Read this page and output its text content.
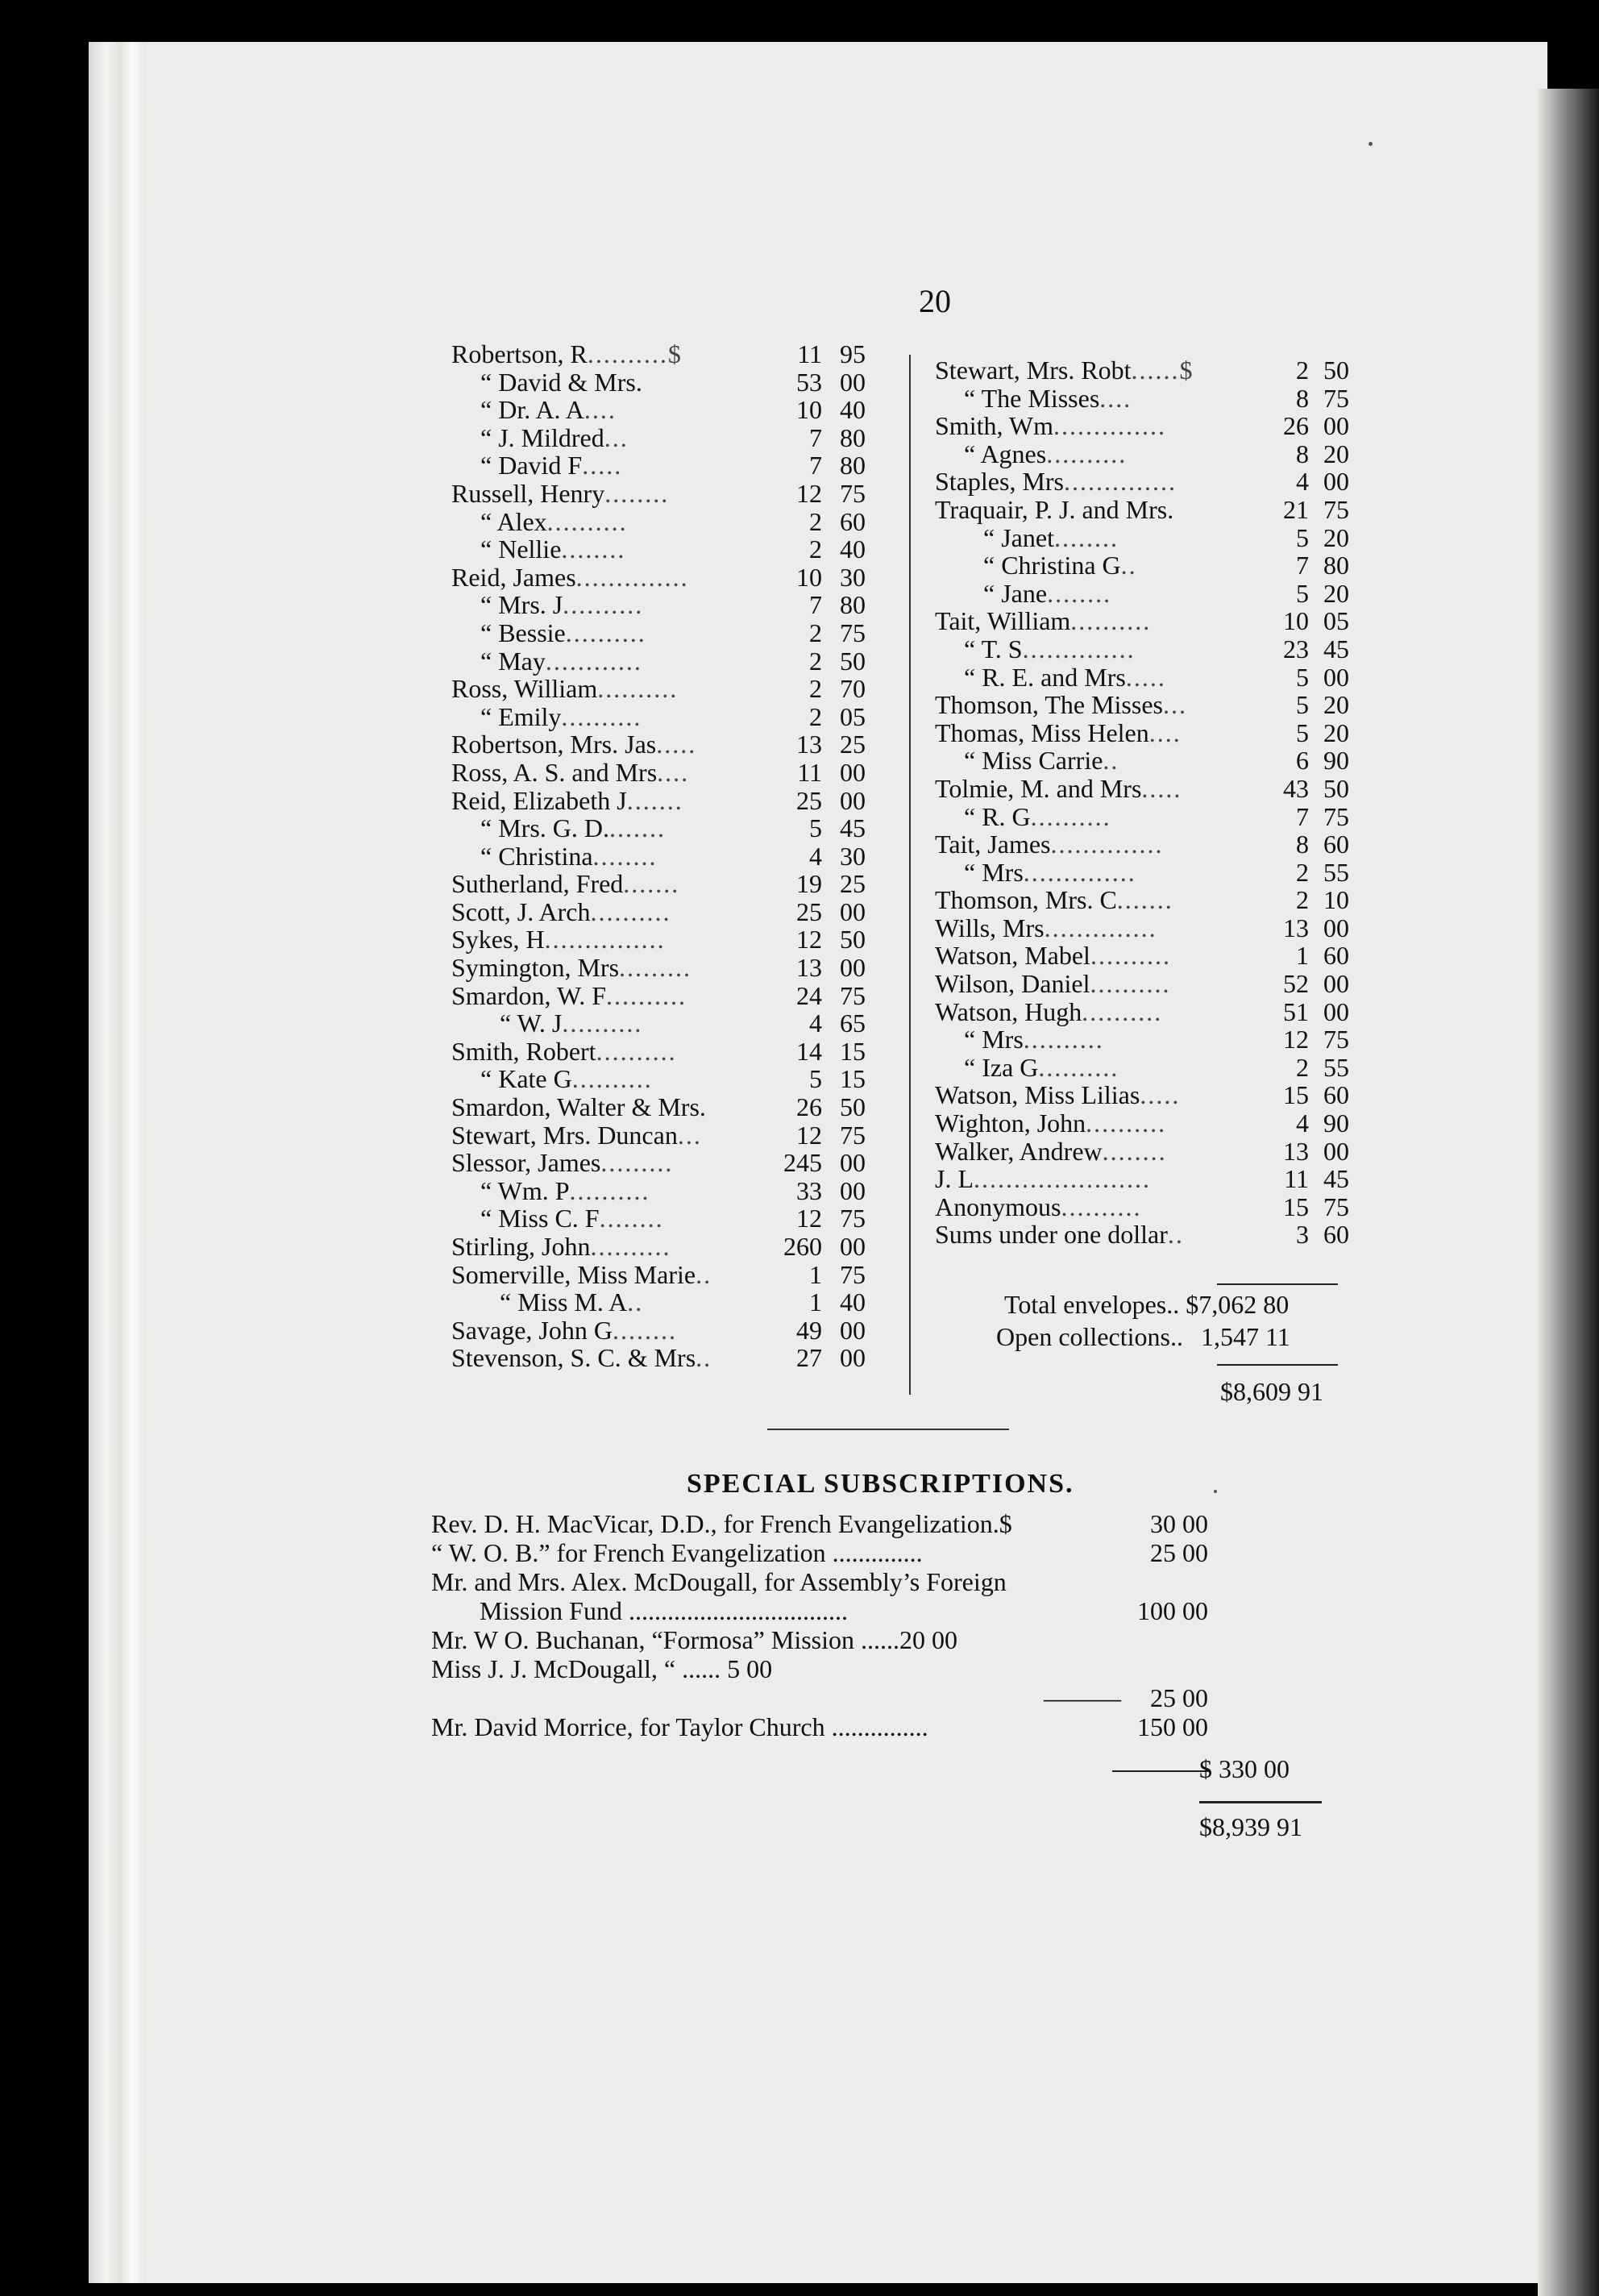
20
Robertson, R..........$	11 95
“ David & Mrs.	53 00
“ Dr. A. A....	10 40
“ J. Mildred...	7 80
“ David F.....	7 80
Russell, Henry........	12 75
“ Alex..........	2 60
“ Nellie........	2 40
Reid, James..............	10 30
“ Mrs. J..........	7 80
“ Bessie..........	2 75
“ May............	2 50
Ross, William..........	2 70
“ Emily..........	2 05
Robertson, Mrs. Jas.....	13 25
Ross, A. S. and Mrs....	11 00
Reid, Elizabeth J.......	25 00
“ Mrs. G. D........	5 45
“ Christina........	4 30
Sutherland, Fred.......	19 25
Scott, J. Arch..........	25 00
Sykes, H...............	12 50
Symington, Mrs.........	13 00
Smardon, W. F..........	24 75
“ W. J..........	4 65
Smith, Robert..........	14 15
“ Kate G..........	5 15
Smardon, Walter & Mrs.	26 50
Stewart, Mrs. Duncan...	12 75
Slessor, James.........	245 00
“ Wm. P..........	33 00
“ Miss C. F........	12 75
Stirling, John..........	260 00
Somerville, Miss Marie..	1 75
“ Miss M. A..	1 40
Savage, John G........	49 00
Stevenson, S. C. & Mrs..	27 00
Stewart, Mrs. Robt......$	2 50
“ The Misses....	8 75
Smith, Wm..............	26 00
“ Agnes..........	8 20
Staples, Mrs..............	4 00
Traquair, P. J. and Mrs.	21 75
“ Janet........	5 20
“ Christina G..	7 80
“ Jane........	5 20
Tait, William..........	10 05
“ T. S..............	23 45
“ R. E. and Mrs.....	5 00
Thomson, The Misses...	5 20
Thomas, Miss Helen....	5 20
“ Miss Carrie..	6 90
Tolmie, M. and Mrs.....	43 50
“ R. G..........	7 75
Tait, James..............	8 60
“ Mrs..............	2 55
Thomson, Mrs. C.......	2 10
Wills, Mrs..............	13 00
Watson, Mabel..........	1 60
Wilson, Daniel..........	52 00
Watson, Hugh..........	51 00
“ Mrs..........	12 75
“ Iza G..........	2 55
Watson, Miss Lilias.....	15 60
Wighton, John..........	4 90
Walker, Andrew........	13 00
J. L......................	11 45
Anonymous..........	15 75
Sums under one dollar..	3 60
Total envelopes.. $7,062 80
Open collections.. 1,547 11
$8,609 91
SPECIAL SUBSCRIPTIONS.
Rev. D. H. MacVicar, D.D., for French Evangelization.$	30 00
“ W. O. B.” for French Evangelization ..............	25 00
Mr. and Mrs. Alex. McDougall, for Assembly’s Foreign
Mission Fund ..................................	100 00
Mr. W O. Buchanan, “Formosa” Mission ......20 00
Miss J. J. McDougall, “ ...... 5 00
———	25 00
Mr. David Morrice, for Taylor Church ...............	150 00
$ 330 00
$8,939 91
